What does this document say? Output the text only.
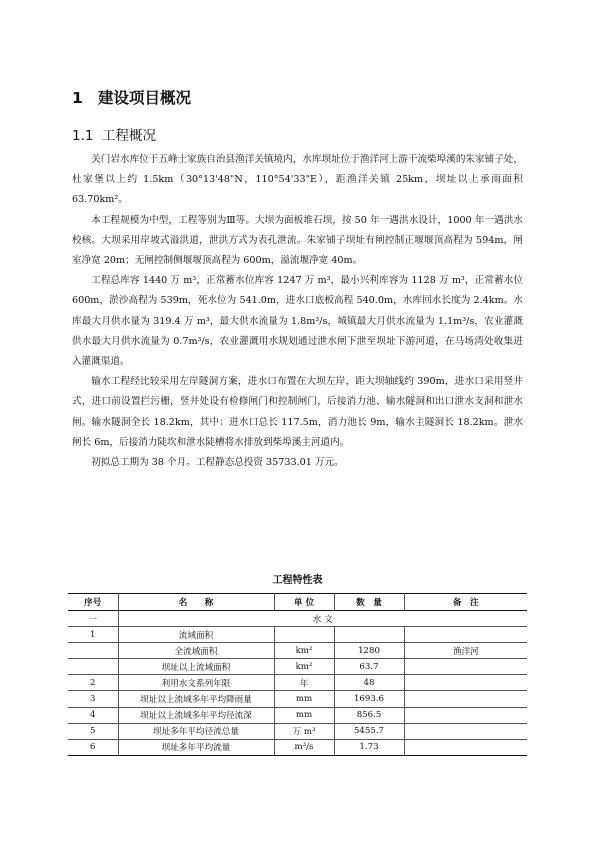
1 建设项目概况
1.1 工程概况

关门岩水库位于五峰土家族自治县渔洋关镇境内，水库坝址位于渔洋河上游干流柴埠溪的朱家铺子处，杜家堡以上约 1.5km（30°13'48"N，110°54'33"E），距渔洋关镇 25km，坝址以上承雨面积 63.70km²。

本工程规模为中型，工程等别为Ⅲ等。大坝为面板堆石坝，按 50 年一遇洪水设计，1000 年一遇洪水校核。大坝采用岸坡式溢洪道，泄洪方式为表孔泄流。朱家铺子坝址有闸控制正堰堰顶高程为 594m，闸室净宽 20m；无闸控制侧堰堰顶高程为 600m，溢流堰净宽 40m。

工程总库容 1440 万 m³，正常蓄水位库容 1247 万 m³，最小兴利库容为 1128 万 m³，正常蓄水位 600m，淤沙高程为 539m，死水位为 541.0m，进水口底板高程 540.0m，水库回水长度为 2.4km。水库最大月供水量为 319.4 万 m³，最大供水流量为 1.8m³/s，城镇最大月供水流量为 1.1m³/s，农业灌溉供水最大月供水流量为 0.7m³/s，农业灌溉用水规划通过泄水闸下泄至坝址下游河道，在马场湾处收集进入灌溉渠道。

输水工程经比较采用左岸隧洞方案，进水口布置在大坝左岸，距大坝轴线约 390m，进水口采用竖井式，进口前设置拦污栅，竖井处设有检修闸门和控制闸门，后接消力池、输水隧洞和出口泄水支洞和泄水闸。输水隧洞全长 18.2km，其中：进水口总长 117.5m，消力池长 9m，输水主隧洞长 18.2km。泄水闸长 6m，后接消力陡坎和泄水陡槽将水排放到柴埠溪主河道内。

初拟总工期为 38 个月。工程静态总投资 35733.01 万元。

工程特性表
序号	名　　称	单 位	数　量	备　注
一	水 文			
1	流域面积			
	全流域面积	km²	1280	渔洋河
	坝址以上流域面积	km²	63.7	
2	利用水文系列年限	年	48	
3	坝址以上流域多年平均降雨量	mm	1693.6	
4	坝址以上流域多年平均径流深	mm	856.5	
5	坝址多年平均径流总量	万 m³	5455.7	
6	坝址多年平均流量	m³/s	1.73	
